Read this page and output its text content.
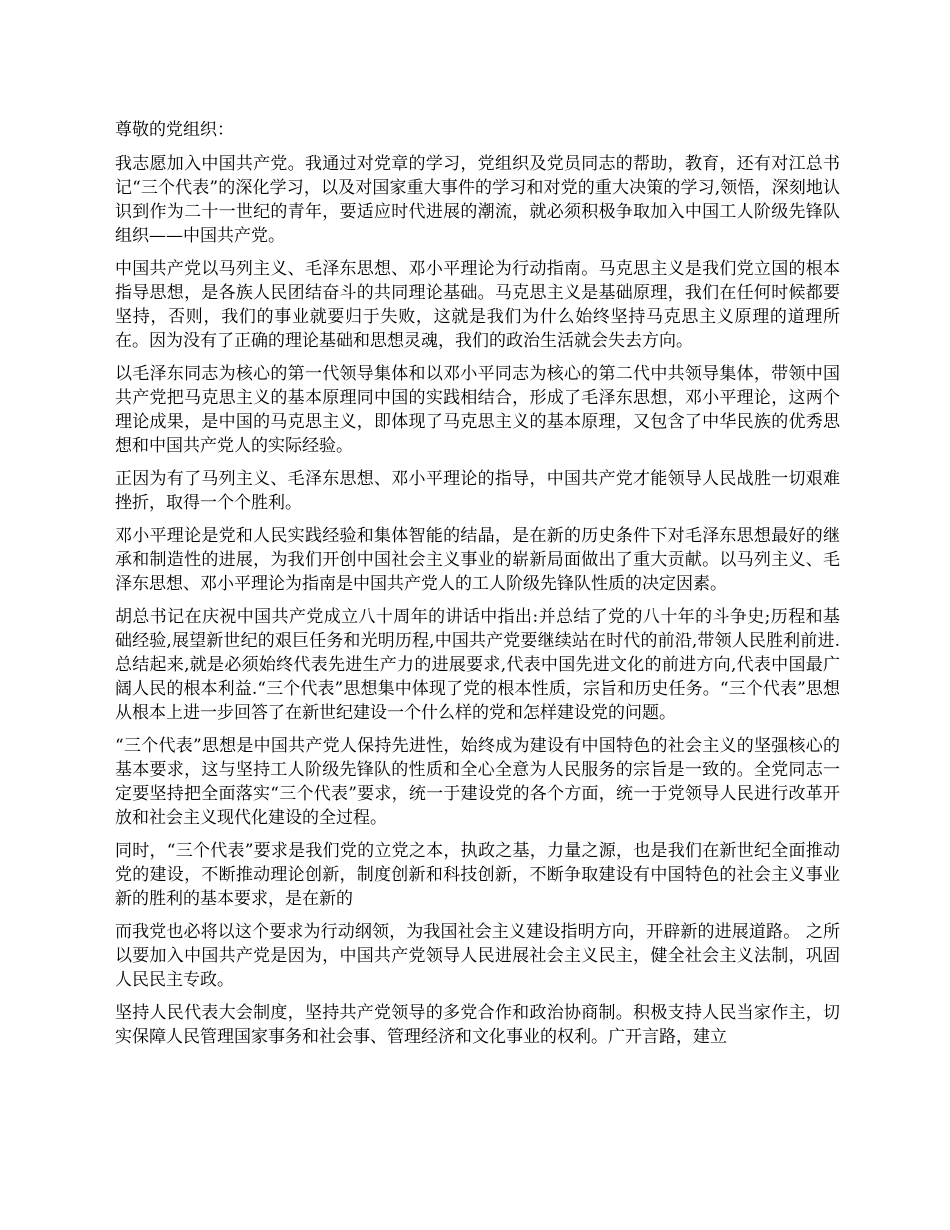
尊敬的党组织：

我志愿加入中国共产党。我通过对党章的学习，党组织及党员同志的帮助，教育，还有对江总书记“三个代表”的深化学习，以及对国家重大事件的学习和对党的重大决策的学习,领悟，深刻地认识到作为二十一世纪的青年，要适应时代进展的潮流，就必须积极争取加入中国工人阶级先锋队组织——中国共产党。

中国共产党以马列主义、毛泽东思想、邓小平理论为行动指南。马克思主义是我们党立国的根本指导思想，是各族人民团结奋斗的共同理论基础。马克思主义是基础原理，我们在任何时候都要坚持，否则，我们的事业就要归于失败，这就是我们为什么始终坚持马克思主义原理的道理所在。因为没有了正确的理论基础和思想灵魂，我们的政治生活就会失去方向。

以毛泽东同志为核心的第一代领导集体和以邓小平同志为核心的第二代中共领导集体，带领中国共产党把马克思主义的基本原理同中国的实践相结合，形成了毛泽东思想，邓小平理论，这两个理论成果，是中国的马克思主义，即体现了马克思主义的基本原理，又包含了中华民族的优秀思想和中国共产党人的实际经验。

正因为有了马列主义、毛泽东思想、邓小平理论的指导，中国共产党才能领导人民战胜一切艰难挫折，取得一个个胜利。

邓小平理论是党和人民实践经验和集体智能的结晶，是在新的历史条件下对毛泽东思想最好的继承和制造性的进展，为我们开创中国社会主义事业的崭新局面做出了重大贡献。以马列主义、毛泽东思想、邓小平理论为指南是中国共产党人的工人阶级先锋队性质的决定因素。

胡总书记在庆祝中国共产党成立八十周年的讲话中指出:并总结了党的八十年的斗争史;历程和基础经验,展望新世纪的艰巨任务和光明历程,中国共产党要继续站在时代的前沿,带领人民胜利前进.总结起来,就是必须始终代表先进生产力的进展要求,代表中国先进文化的前进方向,代表中国最广阔人民的根本利益.“三个代表”思想集中体现了党的根本性质，宗旨和历史任务。“三个代表”思想从根本上进一步回答了在新世纪建设一个什么样的党和怎样建设党的问题。

“三个代表”思想是中国共产党人保持先进性，始终成为建设有中国特色的社会主义的坚强核心的基本要求，这与坚持工人阶级先锋队的性质和全心全意为人民服务的宗旨是一致的。全党同志一定要坚持把全面落实“三个代表”要求，统一于建设党的各个方面，统一于党领导人民进行改革开放和社会主义现代化建设的全过程。

同时，“三个代表”要求是我们党的立党之本，执政之基，力量之源，也是我们在新世纪全面推动党的建设，不断推动理论创新，制度创新和科技创新，不断争取建设有中国特色的社会主义事业新的胜利的基本要求，是在新的

而我党也必将以这个要求为行动纲领，为我国社会主义建设指明方向，开辟新的进展道路。 之所以要加入中国共产党是因为，中国共产党领导人民进展社会主义民主，健全社会主义法制，巩固人民民主专政。

坚持人民代表大会制度，坚持共产党领导的多党合作和政治协商制。积极支持人民当家作主，切实保障人民管理国家事务和社会事、管理经济和文化事业的权利。广开言路，建立
